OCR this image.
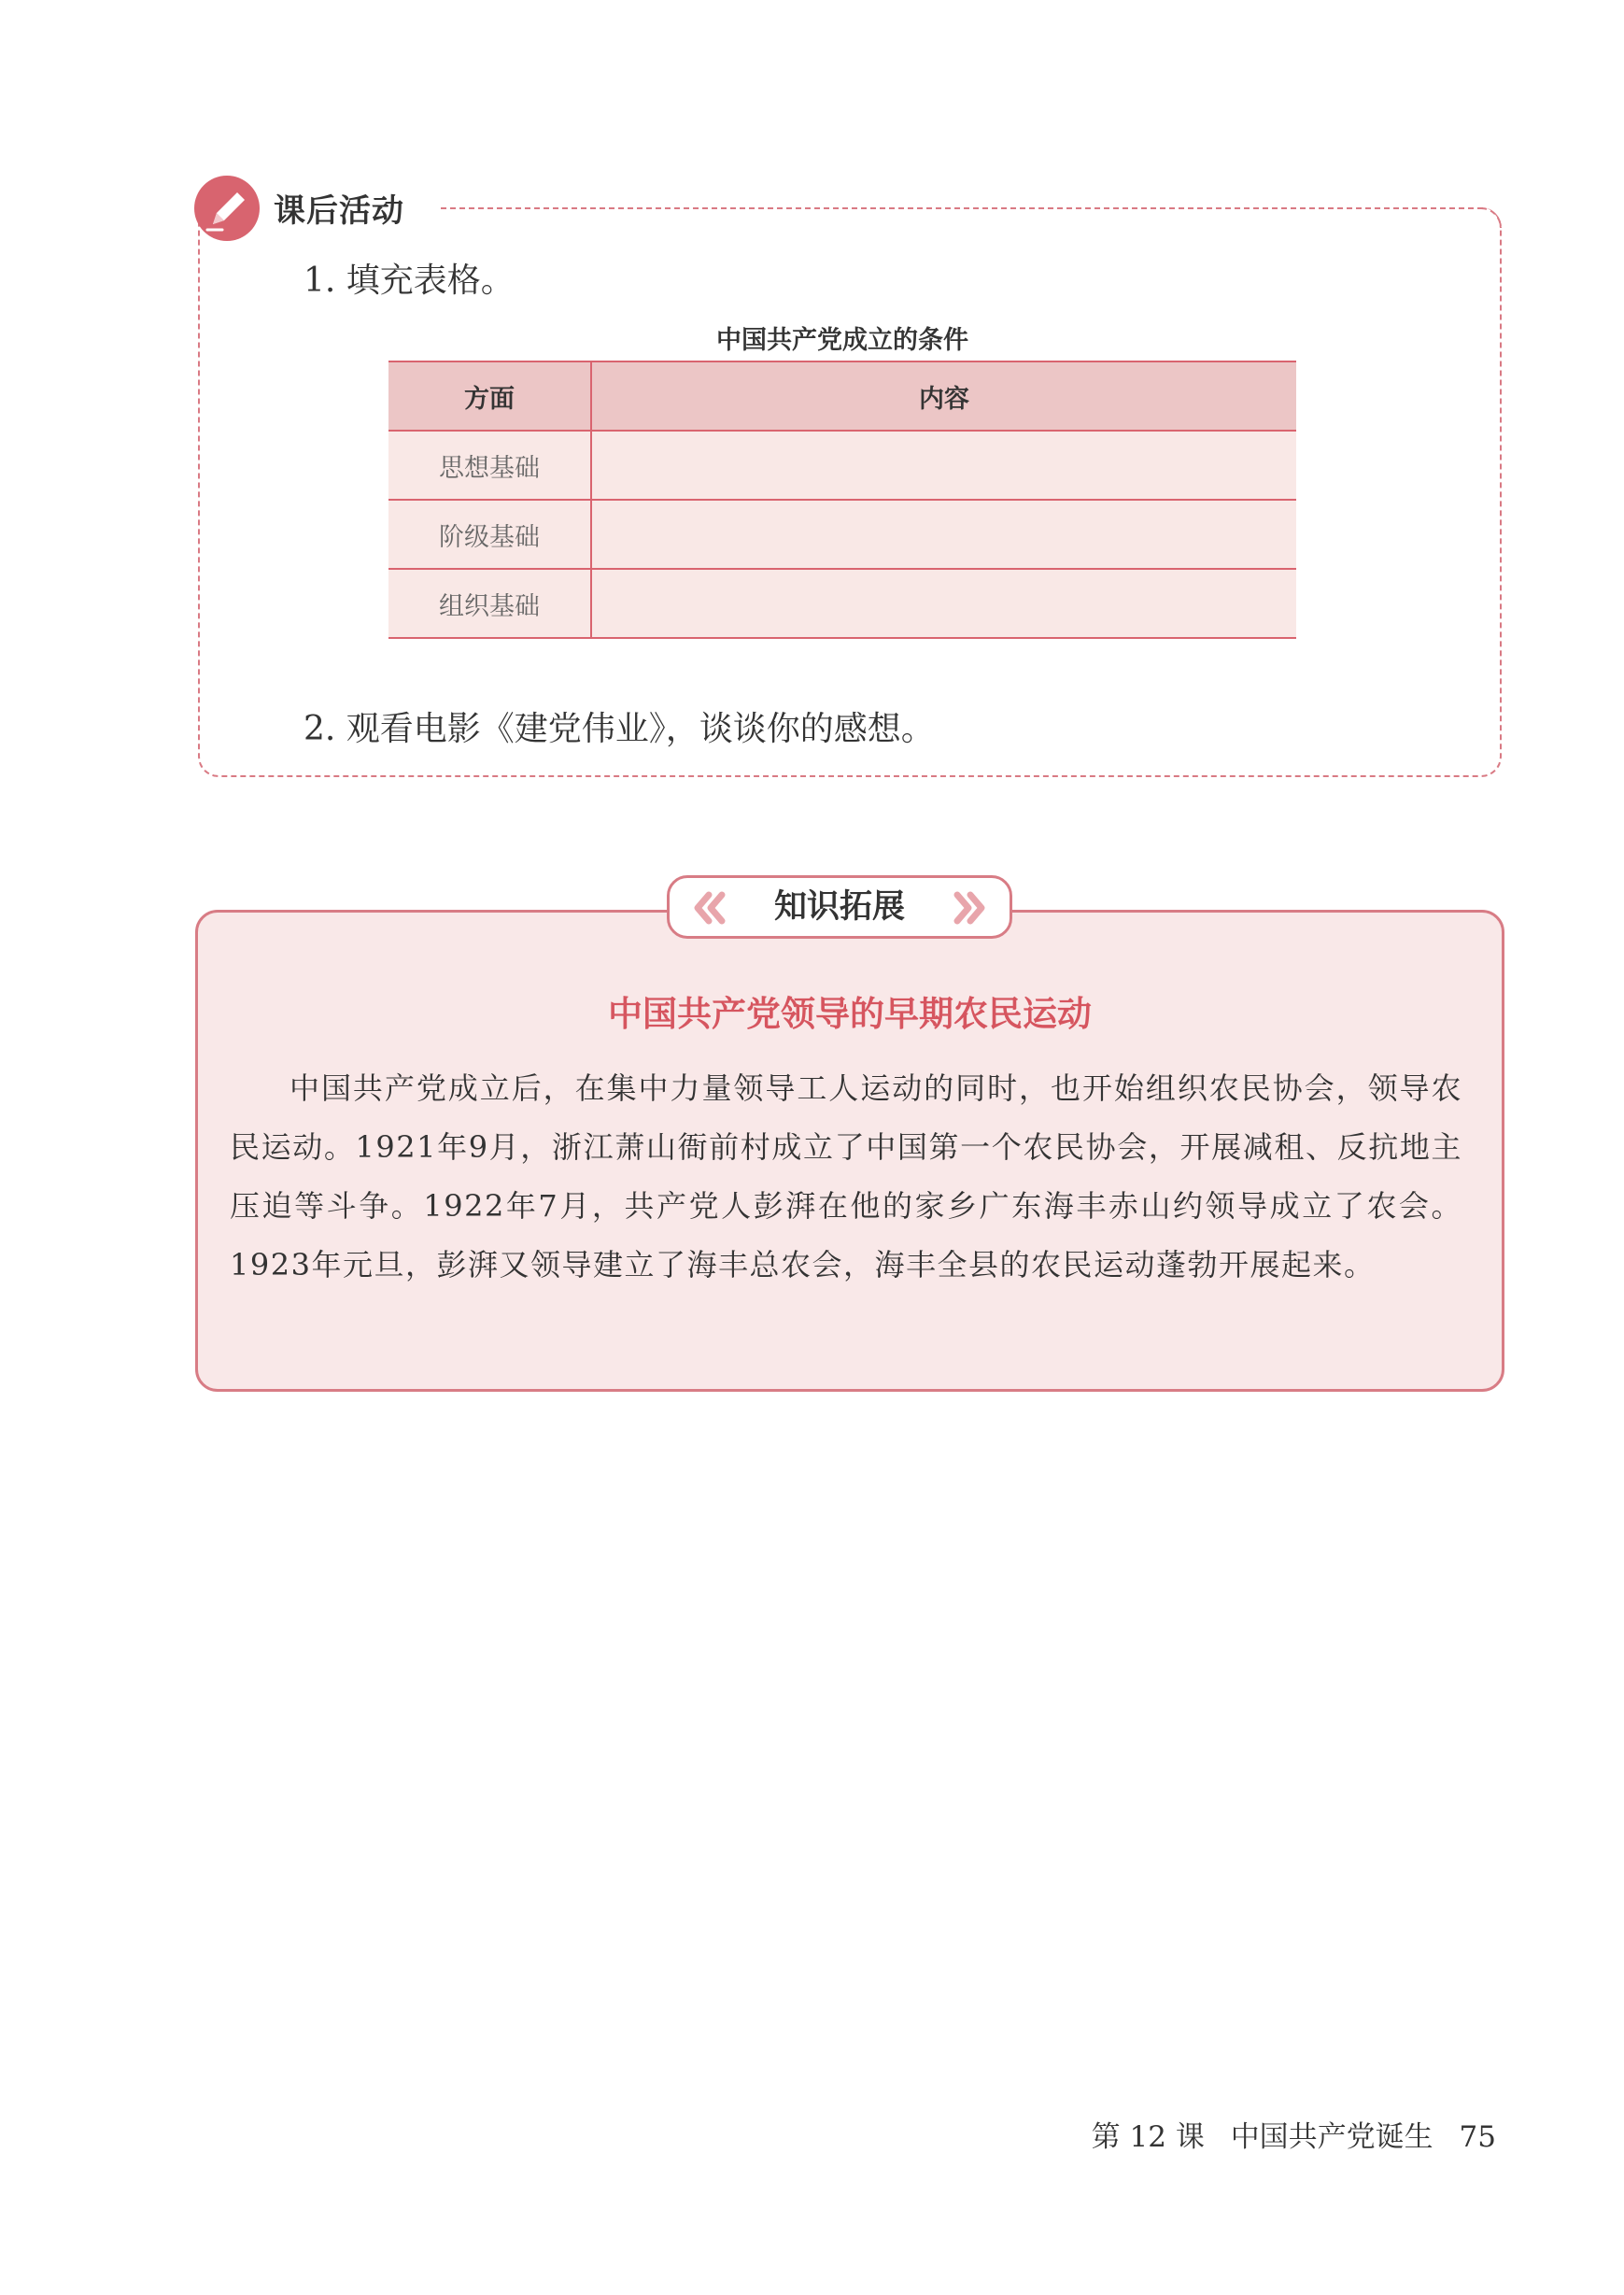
课后活动
1. 填充表格。
中国共产党成立的条件
方面	内容
思想基础	
阶级基础	
组织基础	
2. 观看电影《建党伟业》，谈谈你的感想。
知识拓展
中国共产党领导的早期农民运动
中国共产党成立后，在集中力量领导工人运动的同时，也开始组织农民协会，领导农民运动。1921年9月，浙江萧山衙前村成立了中国第一个农民协会，开展减租、反抗地主压迫等斗争。1922年7月，共产党人彭湃在他的家乡广东海丰赤山约领导成立了农会。1923年元旦，彭湃又领导建立了海丰总农会，海丰全县的农民运动蓬勃开展起来。
第 12 课 中国共产党诞生 75
